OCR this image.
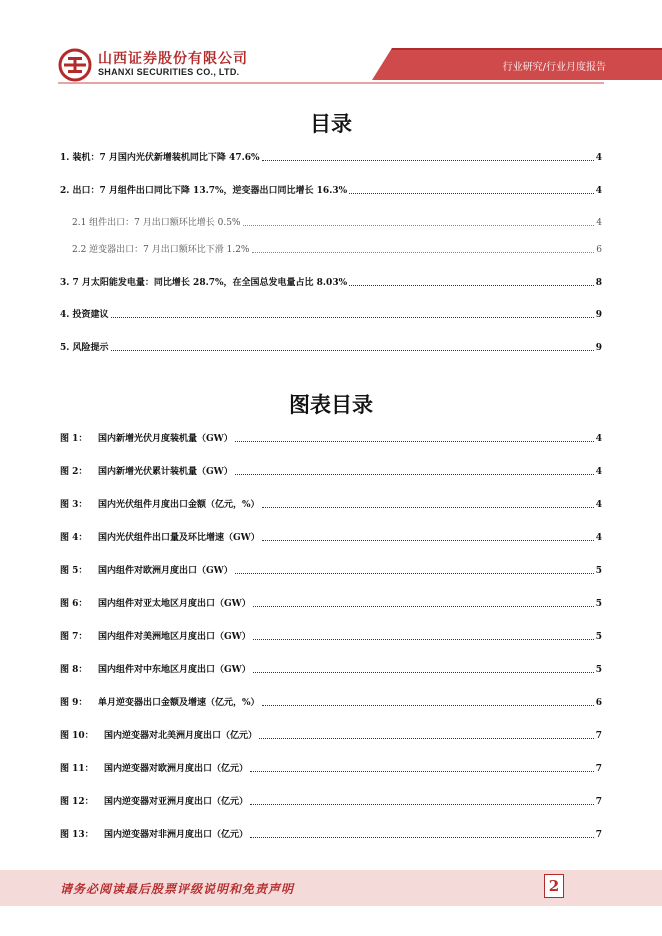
山西证券股份有限公司
SHANXI SECURITIES CO., LTD.	行业研究/行业月度报告
目录
1. 装机：7 月国内光伏新增装机同比下降 47.6%	4
2. 出口：7 月组件出口同比下降 13.7%，逆变器出口同比增长 16.3%	4
2.1 组件出口：7 月出口额环比增长 0.5%	4
2.2 逆变器出口：7 月出口额环比下滑 1.2%	6
3. 7 月太阳能发电量：同比增长 28.7%，在全国总发电量占比 8.03%	8
4. 投资建议	9
5. 风险提示	9
图表目录
图 1：	国内新增光伏月度装机量（GW）	4
图 2：	国内新增光伏累计装机量（GW）	4
图 3：	国内光伏组件月度出口金额（亿元，%）	4
图 4：	国内光伏组件出口量及环比增速（GW）	4
图 5：	国内组件对欧洲月度出口（GW）	5
图 6：	国内组件对亚太地区月度出口（GW）	5
图 7：	国内组件对美洲地区月度出口（GW）	5
图 8：	国内组件对中东地区月度出口（GW）	5
图 9：	单月逆变器出口金额及增速（亿元，%）	6
图 10：	国内逆变器对北美洲月度出口（亿元）	7
图 11：	国内逆变器对欧洲月度出口（亿元）	7
图 12：	国内逆变器对亚洲月度出口（亿元）	7
图 13：	国内逆变器对非洲月度出口（亿元）	7
请务必阅读最后股票评级说明和免责声明	2
